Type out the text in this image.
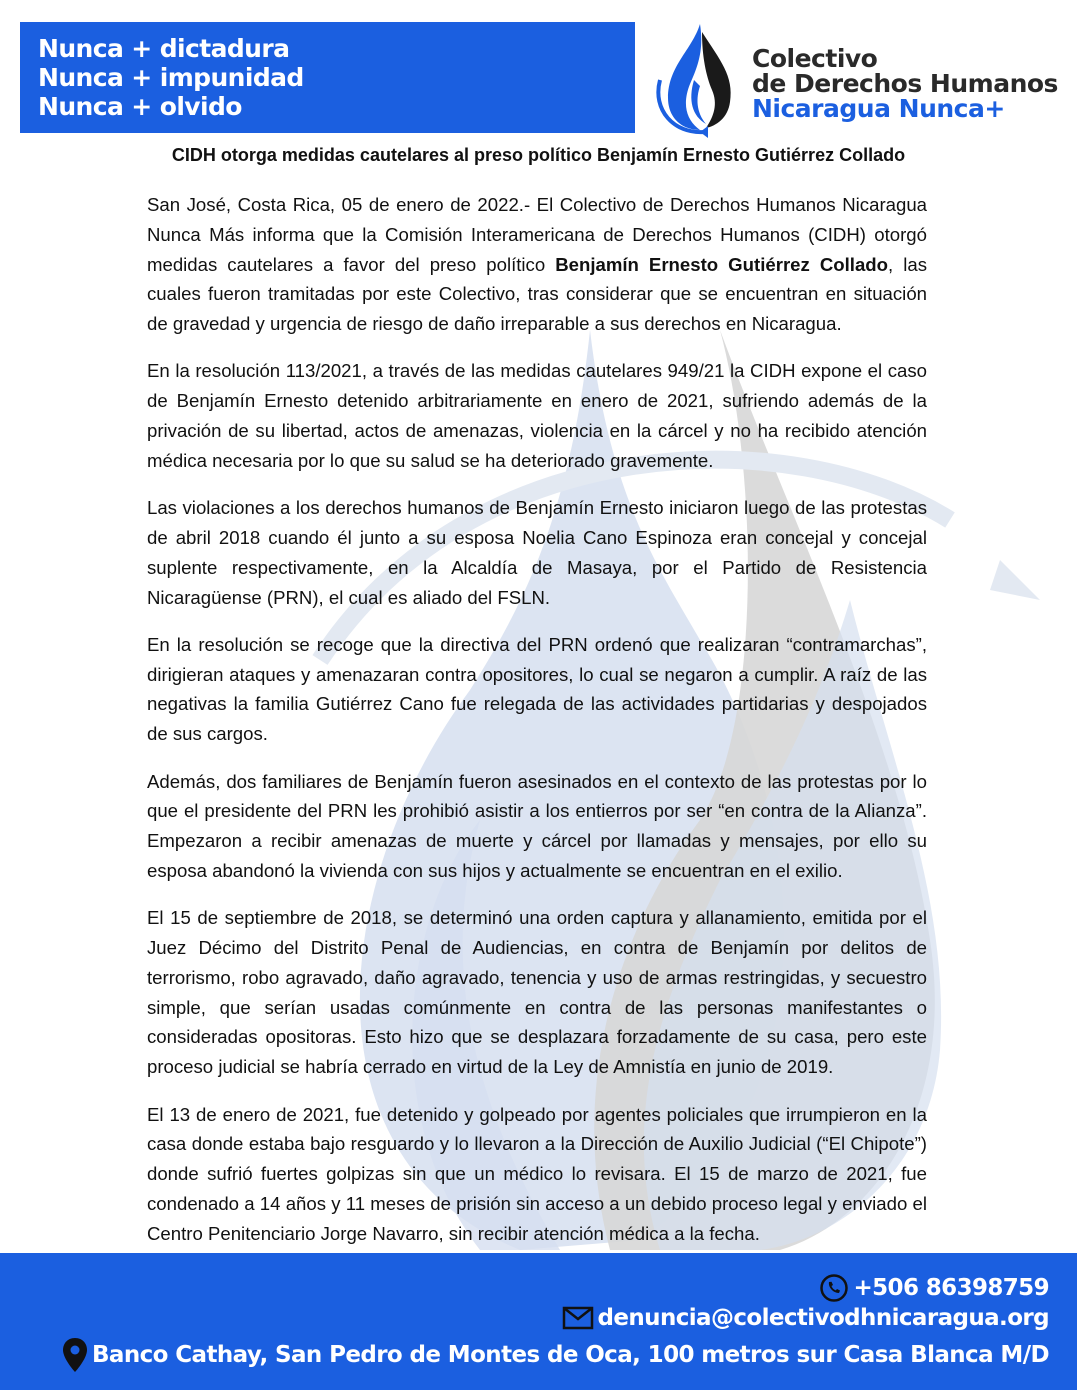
Nunca + dictadura
Nunca + impunidad
Nunca + olvido
Colectivo
de Derechos Humanos
Nicaragua Nunca+
CIDH otorga medidas cautelares al preso político Benjamín Ernesto Gutiérrez Collado

San José, Costa Rica, 05 de enero de 2022.- El Colectivo de Derechos Humanos Nicaragua Nunca Más informa que la Comisión Interamericana de Derechos Humanos (CIDH) otorgó medidas cautelares a favor del preso político Benjamín Ernesto Gutiérrez Collado, las cuales fueron tramitadas por este Colectivo, tras considerar que se encuentran en situación de gravedad y urgencia de riesgo de daño irreparable a sus derechos en Nicaragua.

En la resolución 113/2021, a través de las medidas cautelares 949/21 la CIDH expone el caso de Benjamín Ernesto detenido arbitrariamente en enero de 2021, sufriendo además de la privación de su libertad, actos de amenazas, violencia en la cárcel y no ha recibido atención médica necesaria por lo que su salud se ha deteriorado gravemente.

Las violaciones a los derechos humanos de Benjamín Ernesto iniciaron luego de las protestas de abril 2018 cuando él junto a su esposa Noelia Cano Espinoza eran concejal y concejal suplente respectivamente, en la Alcaldía de Masaya, por el Partido de Resistencia Nicaragüense (PRN), el cual es aliado del FSLN.

En la resolución se recoge que la directiva del PRN ordenó que realizaran “contramarchas”, dirigieran ataques y amenazaran contra opositores, lo cual se negaron a cumplir. A raíz de las negativas la familia Gutiérrez Cano fue relegada de las actividades partidarias y despojados de sus cargos.

Además, dos familiares de Benjamín fueron asesinados en el contexto de las protestas por lo que el presidente del PRN les prohibió asistir a los entierros por ser “en contra de la Alianza”. Empezaron a recibir amenazas de muerte y cárcel por llamadas y mensajes, por ello su esposa abandonó la vivienda con sus hijos y actualmente se encuentran en el exilio.

El 15 de septiembre de 2018, se determinó una orden captura y allanamiento, emitida por el Juez Décimo del Distrito Penal de Audiencias, en contra de Benjamín por delitos de terrorismo, robo agravado, daño agravado, tenencia y uso de armas restringidas, y secuestro simple, que serían usadas comúnmente en contra de las personas manifestantes o consideradas opositoras. Esto hizo que se desplazara forzadamente de su casa, pero este proceso judicial se habría cerrado en virtud de la Ley de Amnistía en junio de 2019.

El 13 de enero de 2021, fue detenido y golpeado por agentes policiales que irrumpieron en la casa donde estaba bajo resguardo y lo llevaron a la Dirección de Auxilio Judicial (“El Chipote”) donde sufrió fuertes golpizas sin que un médico lo revisara. El 15 de marzo de 2021, fue condenado a 14 años y 11 meses de prisión sin acceso a un debido proceso legal y enviado el Centro Penitenciario Jorge Navarro, sin recibir atención médica a la fecha.

+506 86398759
denuncia@colectivodhnicaragua.org
Banco Cathay, San Pedro de Montes de Oca, 100 metros sur Casa Blanca M/D
